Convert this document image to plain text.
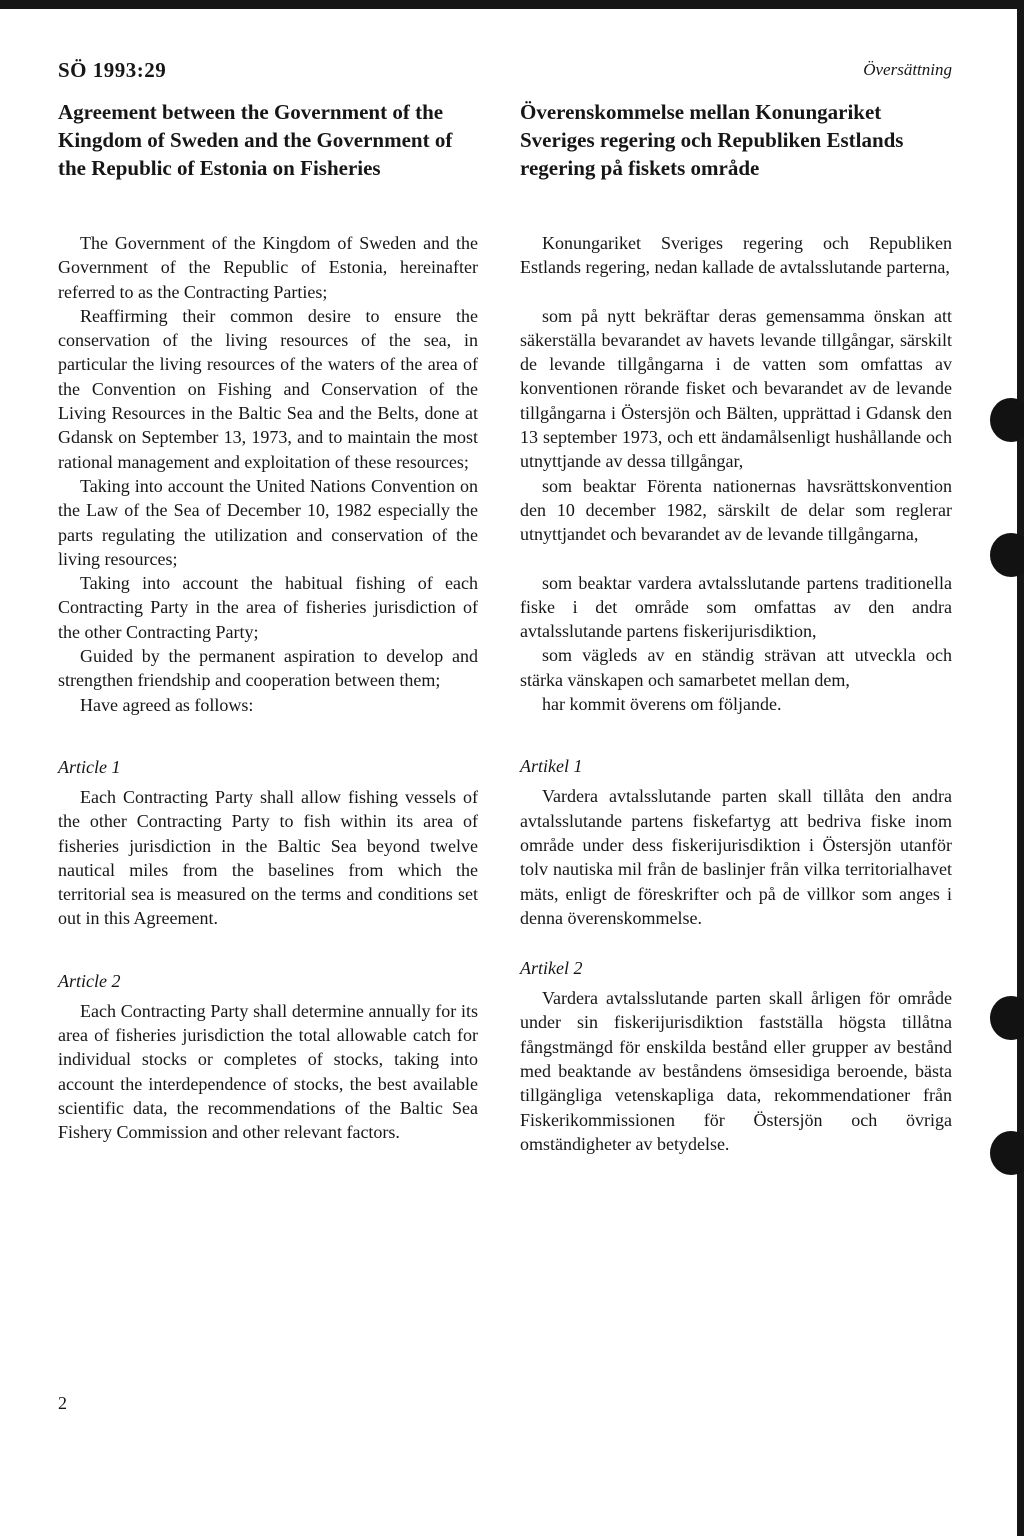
SÖ 1993:29
Agreement between the Government of the Kingdom of Sweden and the Government of the Republic of Estonia on Fisheries

The Government of the Kingdom of Sweden and the Government of the Republic of Estonia, hereinafter referred to as the Contracting Parties;

Reaffirming their common desire to ensure the conservation of the living resources of the sea, in particular the living resources of the waters of the area of the Convention on Fishing and Conservation of the Living Resources in the Baltic Sea and the Belts, done at Gdansk on September 13, 1973, and to maintain the most rational management and exploitation of these resources;

Taking into account the United Nations Convention on the Law of the Sea of December 10, 1982 especially the parts regulating the utilization and conservation of the living resources;

Taking into account the habitual fishing of each Contracting Party in the area of fisheries jurisdiction of the other Contracting Party;

Guided by the permanent aspiration to develop and strengthen friendship and cooperation between them;

Have agreed as follows:

Article 1

Each Contracting Party shall allow fishing vessels of the other Contracting Party to fish within its area of fisheries jurisdiction in the Baltic Sea beyond twelve nautical miles from the baselines from which the territorial sea is measured on the terms and conditions set out in this Agreement.

Article 2

Each Contracting Party shall determine annually for its area of fisheries jurisdiction the total allowable catch for individual stocks or completes of stocks, taking into account the interdependence of stocks, the best available scientific data, the recommendations of the Baltic Sea Fishery Commission and other relevant factors.

Översättning
Överenskommelse mellan Konungariket Sveriges regering och Republiken Estlands regering på fiskets område

Konungariket Sveriges regering och Republiken Estlands regering, nedan kallade de avtalsslutande parterna,

som på nytt bekräftar deras gemensamma önskan att säkerställa bevarandet av havets levande tillgångar, särskilt de levande tillgångarna i de vatten som omfattas av konventionen rörande fisket och bevarandet av de levande tillgångarna i Östersjön och Bälten, upprättad i Gdansk den 13 september 1973, och ett ändamålsenligt hushållande och utnyttjande av dessa tillgångar,

som beaktar Förenta nationernas havsrättskonvention den 10 december 1982, särskilt de delar som reglerar utnyttjandet och bevarandet av de levande tillgångarna,

som beaktar vardera avtalsslutande partens traditionella fiske i det område som omfattas av den andra avtalsslutande partens fiskerijurisdiktion,

som vägleds av en ständig strävan att utveckla och stärka vänskapen och samarbetet mellan dem,

har kommit överens om följande.

Artikel 1

Vardera avtalsslutande parten skall tillåta den andra avtalsslutande partens fiskefartyg att bedriva fiske inom område under dess fiskerijurisdiktion i Östersjön utanför tolv nautiska mil från de baslinjer från vilka territorialhavet mäts, enligt de föreskrifter och på de villkor som anges i denna överenskommelse.

Artikel 2

Vardera avtalsslutande parten skall årligen för område under sin fiskerijurisdiktion fastställa högsta tillåtna fångstmängd för enskilda bestånd eller grupper av bestånd med beaktande av beståndens ömsesidiga beroende, bästa tillgängliga vetenskapliga data, rekommendationer från Fiskerikommissionen för Östersjön och övriga omständigheter av betydelse.

2
